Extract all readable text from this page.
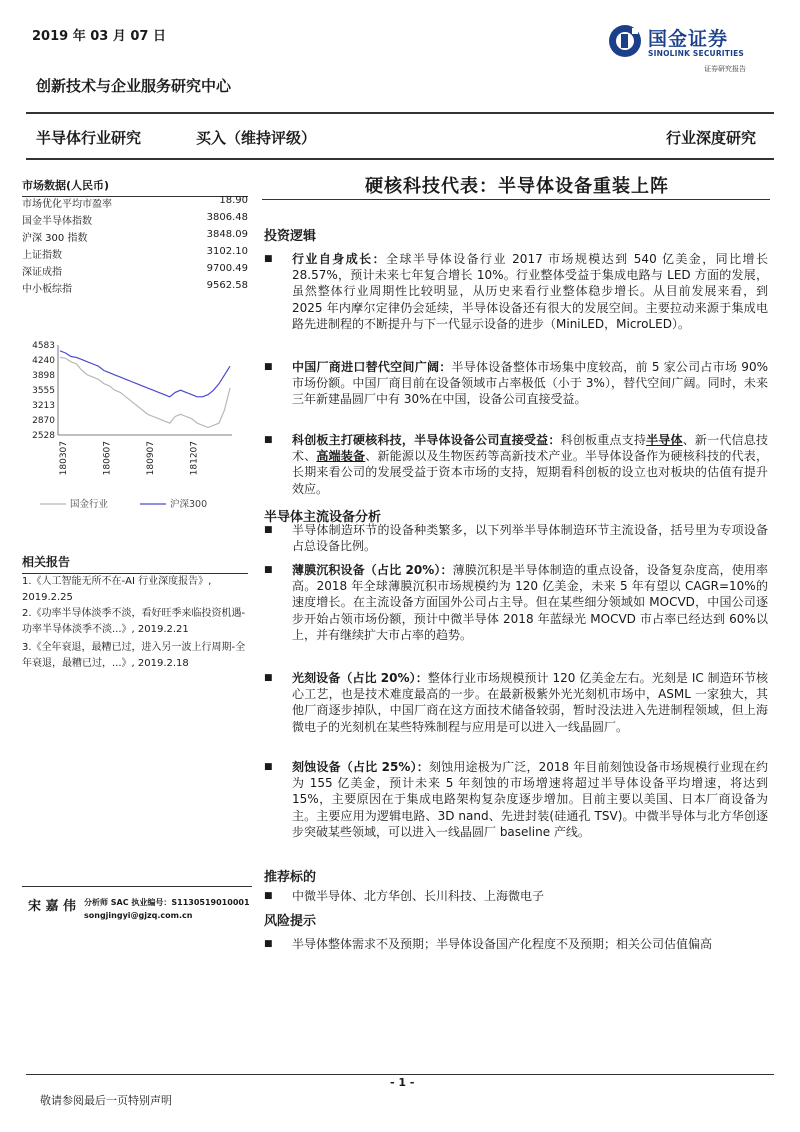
2019 年 03 月 07 日	国金证券
SINOLINK SECURITIES
证券研究报告
创新技术与企业服务研究中心
半导体行业研究	买入（维持评级）	行业深度研究
市场数据(人民币)
市场优化平均市盈率	18.90
国金半导体指数	3806.48
沪深 300 指数	3848.09
上证指数	3102.10
深证成指	9700.49
中小板综指	9562.58
4583
4240
3898
3555
3213
2870
2528
180307	180607	180907	181207
国金行业	沪深300
相关报告
1.《人工智能无所不在-AI 行业深度报告》, 2019.2.25
2.《功率半导体淡季不淡，看好旺季来临投资机遇-功率半导体淡季不淡...》, 2019.2.21
3.《全年衰退，最糟已过，进入另一波上行周期-全年衰退，最糟已过，...》, 2019.2.18
宋 嘉 伟 分析师 SAC 执业编号：S1130519010001
songjingyi@gjzq.com.cn
硬核科技代表：半导体设备重装上阵
投资逻辑
■ 行业自身成长：全球半导体设备行业 2017 市场规模达到 540 亿美金，同比增长 28.57%，预计未来七年复合增长 10%。行业整体受益于集成电路与 LED 方面的发展，虽然整体行业周期性比较明显，从历史来看行业整体稳步增长。从目前发展来看，到 2025 年内摩尔定律仍会延续，半导体设备还有很大的发展空间。主要拉动来源于集成电路先进制程的不断提升与下一代显示设备的进步（MiniLED，MicroLED）。
■ 中国厂商进口替代空间广阔：半导体设备整体市场集中度较高，前 5 家公司占市场 90%市场份额。中国厂商目前在设备领域市占率极低（小于 3%），替代空间广阔。同时，未来三年新建晶圆厂中有 30%在中国，设备公司直接受益。
■ 科创板主打硬核科技，半导体设备公司直接受益：科创板重点支持半导体、新一代信息技术、高端装备、新能源以及生物医药等高新技术产业。半导体设备作为硬核科技的代表，长期来看公司的发展受益于资本市场的支持，短期看科创板的设立也对板块的估值有提升效应。
半导体主流设备分析
■ 半导体制造环节的设备种类繁多，以下列举半导体制造环节主流设备，括号里为专项设备占总设备比例。
■ 薄膜沉积设备（占比 20%）：薄膜沉积是半导体制造的重点设备，设备复杂度高，使用率高。2018 年全球薄膜沉积市场规模约为 120 亿美金，未来 5 年有望以 CAGR=10%的速度增长。在主流设备方面国外公司占主导。但在某些细分领域如 MOCVD，中国公司逐步开始占领市场份额，预计中微半导体 2018 年蓝绿光 MOCVD 市占率已经达到 60%以上，并有继续扩大市占率的趋势。
■ 光刻设备（占比 20%）：整体行业市场规模预计 120 亿美金左右。光刻是 IC 制造环节核心工艺，也是技术难度最高的一步。在最新极紫外光光刻机市场中，ASML 一家独大，其他厂商逐步掉队，中国厂商在这方面技术储备较弱，暂时没法进入先进制程领域，但上海微电子的光刻机在某些特殊制程与应用是可以进入一线晶圆厂。
■ 刻蚀设备（占比 25%）：刻蚀用途极为广泛，2018 年目前刻蚀设备市场规模行业现在约为 155 亿美金，预计未来 5 年刻蚀的市场增速将超过半导体设备平均增速，将达到 15%，主要原因在于集成电路架构复杂度逐步增加。目前主要以美国、日本厂商设备为主。主要应用为逻辑电路、3D nand、先进封装(硅通孔 TSV)。中微半导体与北方华创逐步突破某些领域，可以进入一线晶圆厂 baseline 产线。
推荐标的
■ 中微半导体、北方华创、长川科技、上海微电子
风险提示
■ 半导体整体需求不及预期；半导体设备国产化程度不及预期；相关公司估值偏高
- 1 -
敬请参阅最后一页特别声明
